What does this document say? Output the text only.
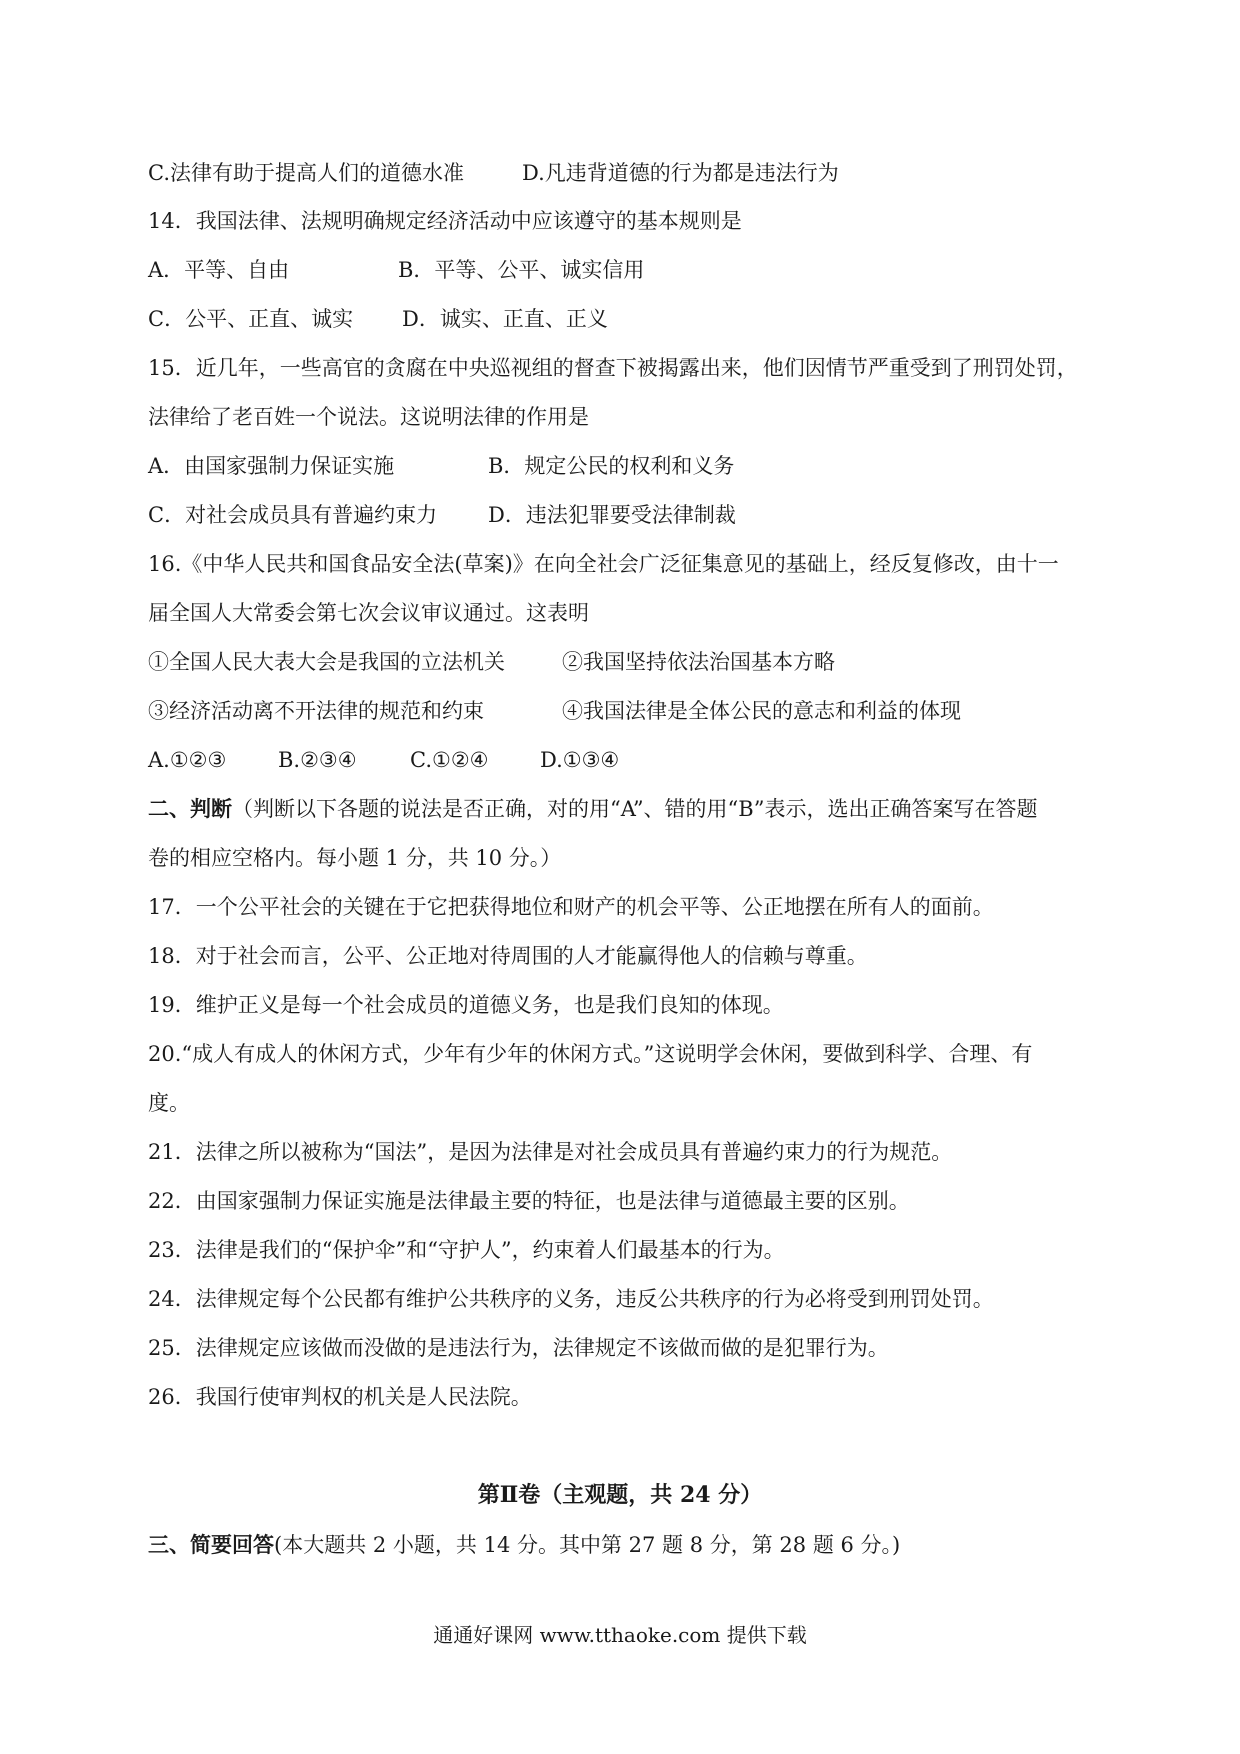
C.法律有助于提高人们的道德水准	D.凡违背道德的行为都是违法行为
14．我国法律、法规明确规定经济活动中应该遵守的基本规则是
A．平等、自由	B．平等、公平、诚实信用
C．公平、正直、诚实 D．诚实、正直、正义
15．近几年，一些高官的贪腐在中央巡视组的督查下被揭露出来，他们因情节严重受到了刑罚处罚，
法律给了老百姓一个说法。这说明法律的作用是
A．由国家强制力保证实施	B．规定公民的权利和义务
C．对社会成员具有普遍约束力 D．违法犯罪要受法律制裁
16.《中华人民共和国食品安全法(草案)》在向全社会广泛征集意见的基础上，经反复修改，由十一
届全国人大常委会第七次会议审议通过。这表明
①全国人民大表大会是我国的立法机关	②我国坚持依法治国基本方略
③经济活动离不开法律的规范和约束	④我国法律是全体公民的意志和利益的体现
A.①②③ B.②③④	C.①②④ D.①③④
二、判断（判断以下各题的说法是否正确，对的用“A”、错的用“B”表示，选出正确答案写在答题
卷的相应空格内。每小题 1 分，共 10 分。）
17．一个公平社会的关键在于它把获得地位和财产的机会平等、公正地摆在所有人的面前。
18．对于社会而言，公平、公正地对待周围的人才能赢得他人的信赖与尊重。
19．维护正义是每一个社会成员的道德义务，也是我们良知的体现。
20.“成人有成人的休闲方式，少年有少年的休闲方式。”这说明学会休闲，要做到科学、合理、有
度。
21．法律之所以被称为“国法”，是因为法律是对社会成员具有普遍约束力的行为规范。
22．由国家强制力保证实施是法律最主要的特征，也是法律与道德最主要的区别。
23．法律是我们的“保护伞”和“守护人”，约束着人们最基本的行为。
24．法律规定每个公民都有维护公共秩序的义务，违反公共秩序的行为必将受到刑罚处罚。
25．法律规定应该做而没做的是违法行为，法律规定不该做而做的是犯罪行为。
26．我国行使审判权的机关是人民法院。
第Ⅱ卷（主观题，共 24 分）
三、简要回答(本大题共 2 小题，共 14 分。其中第 27 题 8 分，第 28 题 6 分。)
通通好课网 www.tthaoke.com 提供下载
